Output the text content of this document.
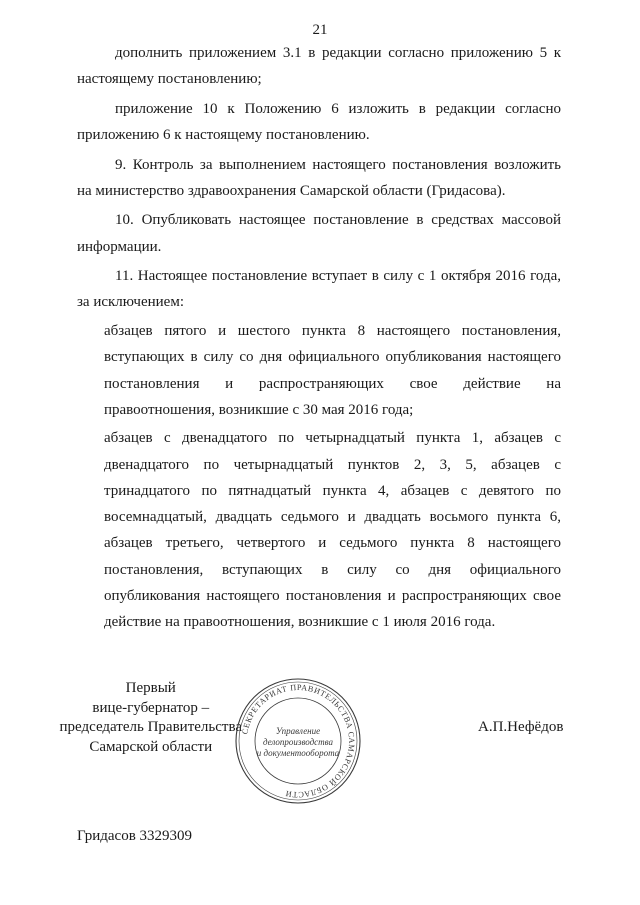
21

дополнить приложением 3.1 в редакции согласно приложению 5 к настоящему постановлению;

приложение 10 к Положению 6 изложить в редакции согласно приложению 6 к настоящему постановлению.

9. Контроль за выполнением настоящего постановления возложить на министерство здравоохранения Самарской области (Гридасова).

10. Опубликовать настоящее постановление в средствах массовой информации.

11. Настоящее постановление вступает в силу с 1 октября 2016 года, за исключением:

абзацев пятого и шестого пункта 8 настоящего постановления, вступающих в силу со дня официального опубликования настоящего постановления и распространяющих свое действие на правоотношения, возникшие с 30 мая 2016 года;

абзацев с двенадцатого по четырнадцатый пункта 1, абзацев с двенадцатого по четырнадцатый пунктов 2, 3, 5, абзацев с тринадцатого по пятнадцатый пункта 4, абзацев с девятого по восемнадцатый, двадцать седьмого и двадцать восьмого пункта 6, абзацев третьего, четвертого и седьмого пункта 8 настоящего постановления, вступающих в силу со дня официального опубликования настоящего постановления и распространяющих свое действие на правоотношения, возникшие с 1 июля 2016 года.

Первый
вице-губернатор –
председатель Правительства
Самарской области
СЕКРЕТАРИАТ ПРАВИТЕЛЬСТВА САМАРСКОЙ ОБЛАСТИ
Управление
делопроизводства
и документооборота
А.П.Нефёдов
Гридасов 3329309
